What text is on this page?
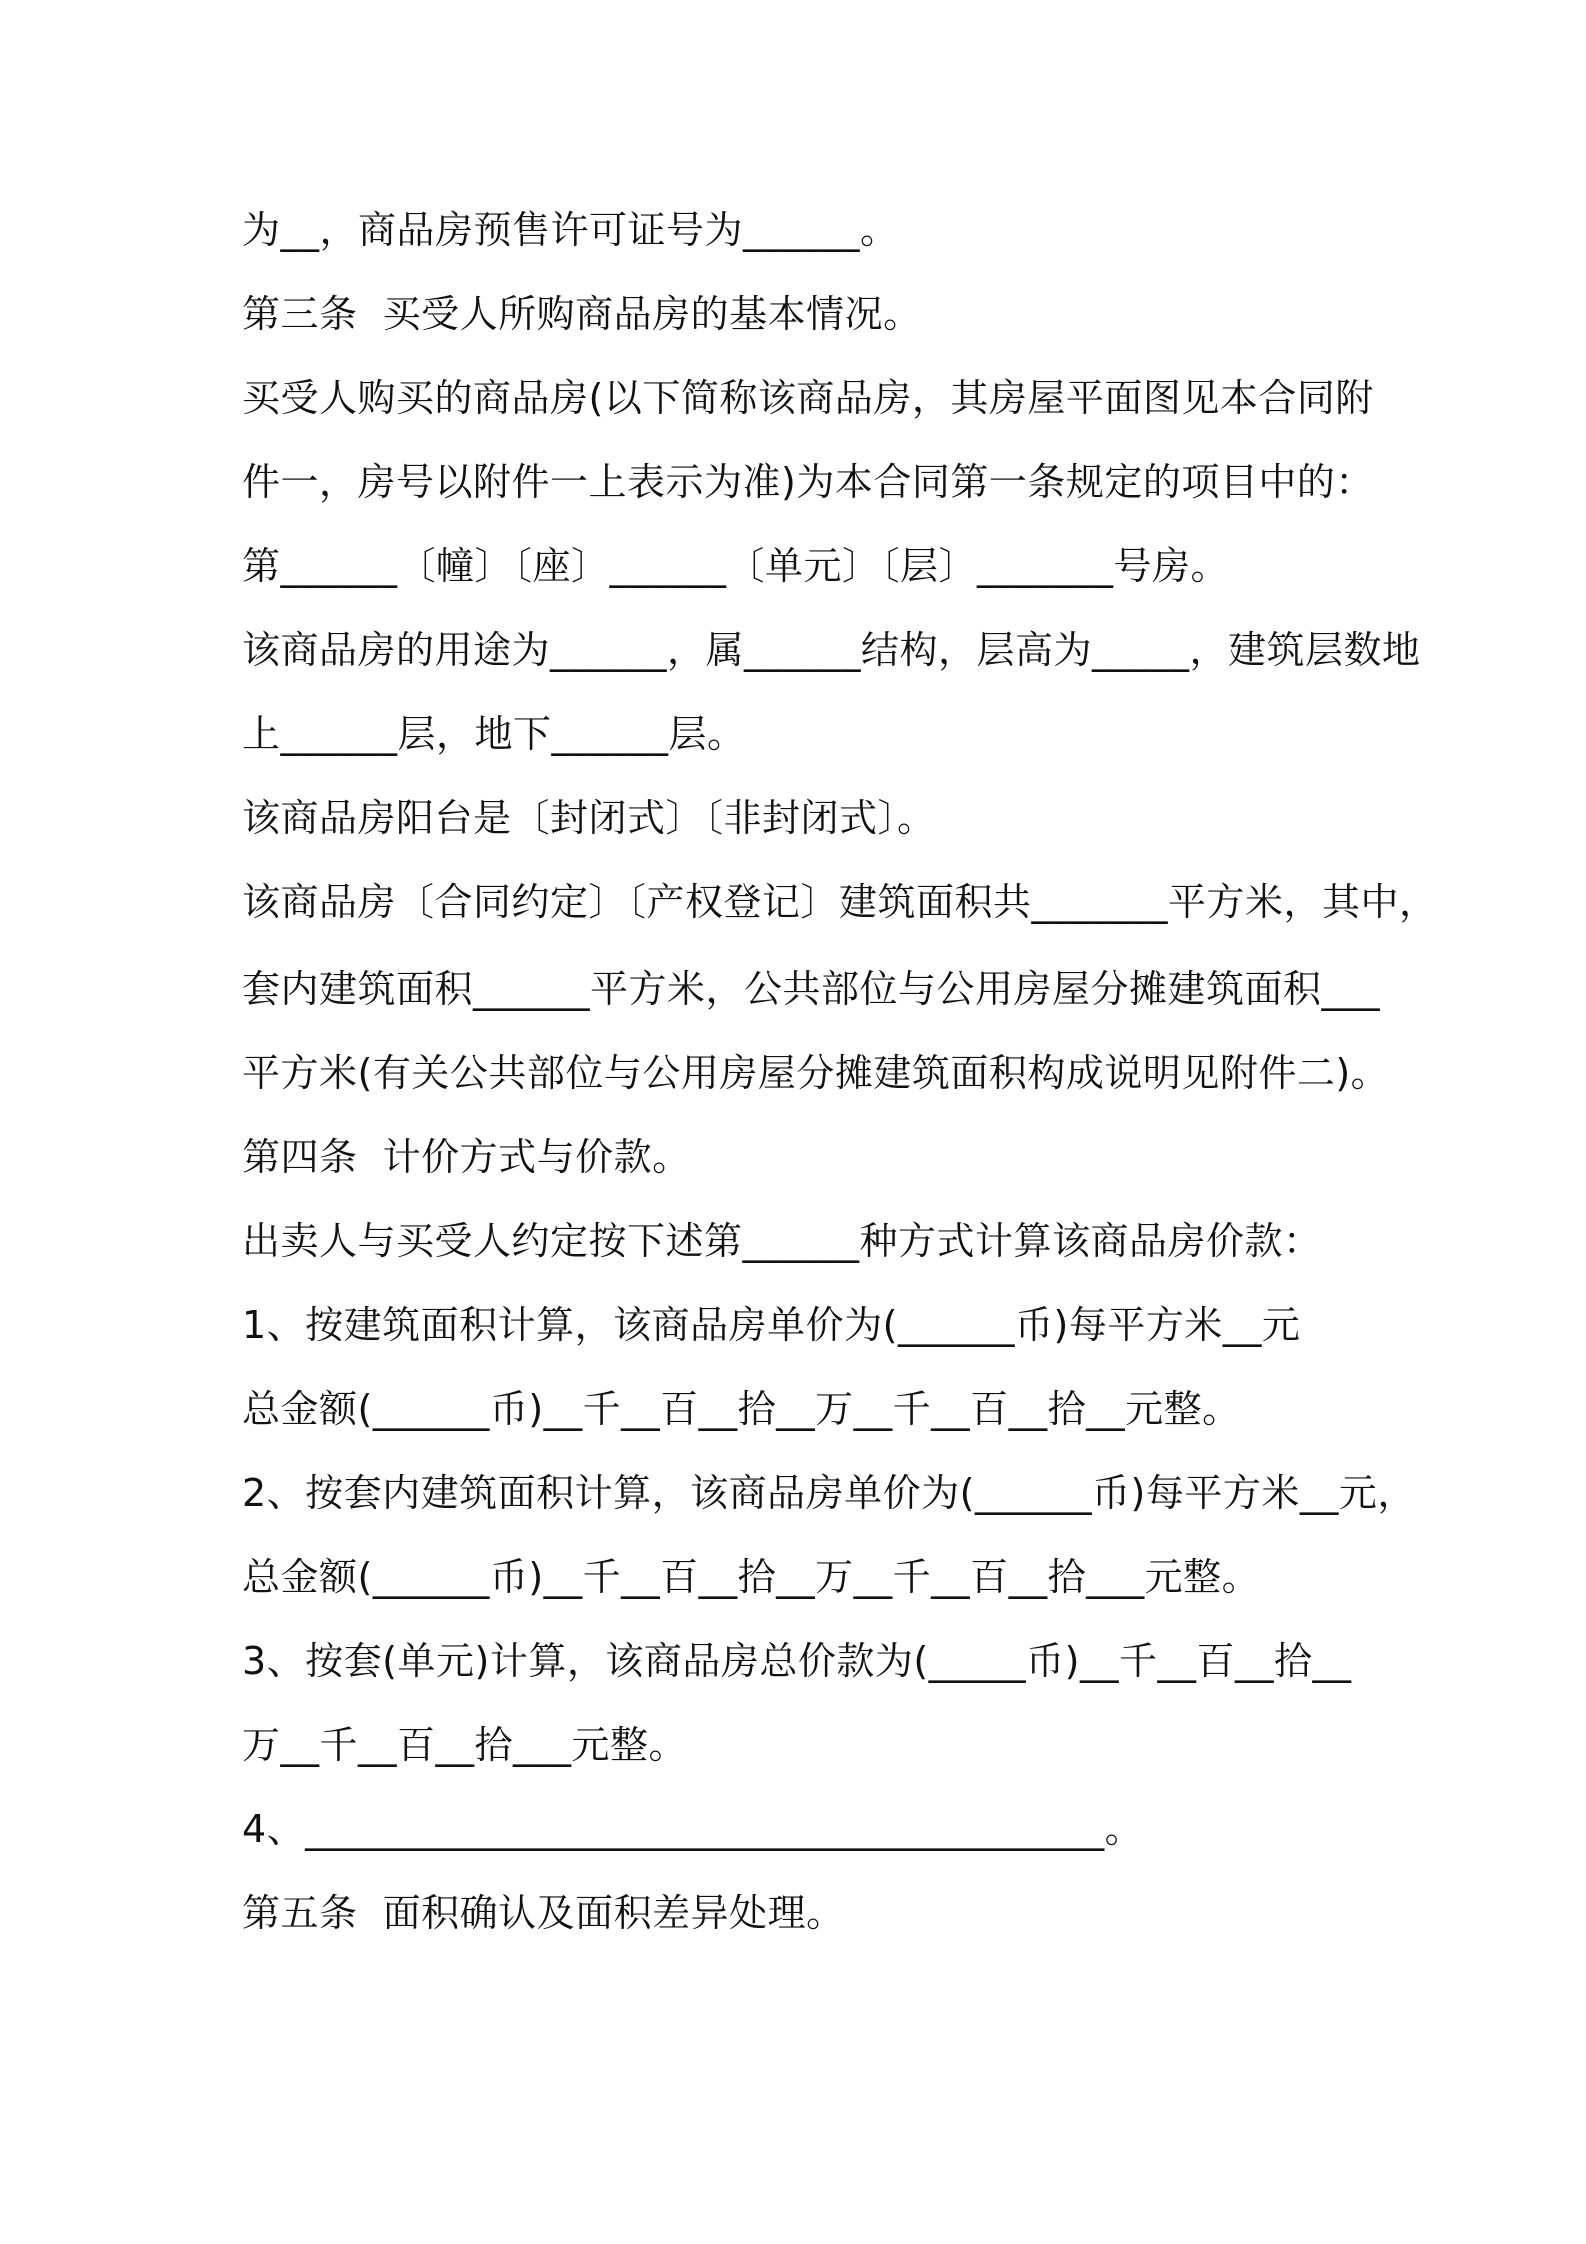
为__，商品房预售许可证号为______。
第三条  买受人所购商品房的基本情况。
买受人购买的商品房(以下简称该商品房，其房屋平面图见本合同附
件一，房号以附件一上表示为准)为本合同第一条规定的项目中的：
第______〔幢〕〔座〕______〔单元〕〔层〕_______号房。
该商品房的用途为______，属______结构，层高为_____，建筑层数地
上______层，地下______层。
该商品房阳台是〔封闭式〕〔非封闭式〕。
该商品房〔合同约定〕〔产权登记〕建筑面积共_______平方米，其中，
套内建筑面积______平方米，公共部位与公用房屋分摊建筑面积___
平方米(有关公共部位与公用房屋分摊建筑面积构成说明见附件二)。
第四条  计价方式与价款。
出卖人与买受人约定按下述第______种方式计算该商品房价款：
1、按建筑面积计算，该商品房单价为(______币)每平方米__元
总金额(______币)__千__百__拾__万__千__百__拾__元整。
2、按套内建筑面积计算，该商品房单价为(______币)每平方米__元，
总金额(______币)__千__百__拾__万__千__百__拾___元整。
3、按套(单元)计算，该商品房总价款为(_____币)__千__百__拾__
万__千__百__拾___元整。
4、_________________________________________。
第五条  面积确认及面积差异处理。
